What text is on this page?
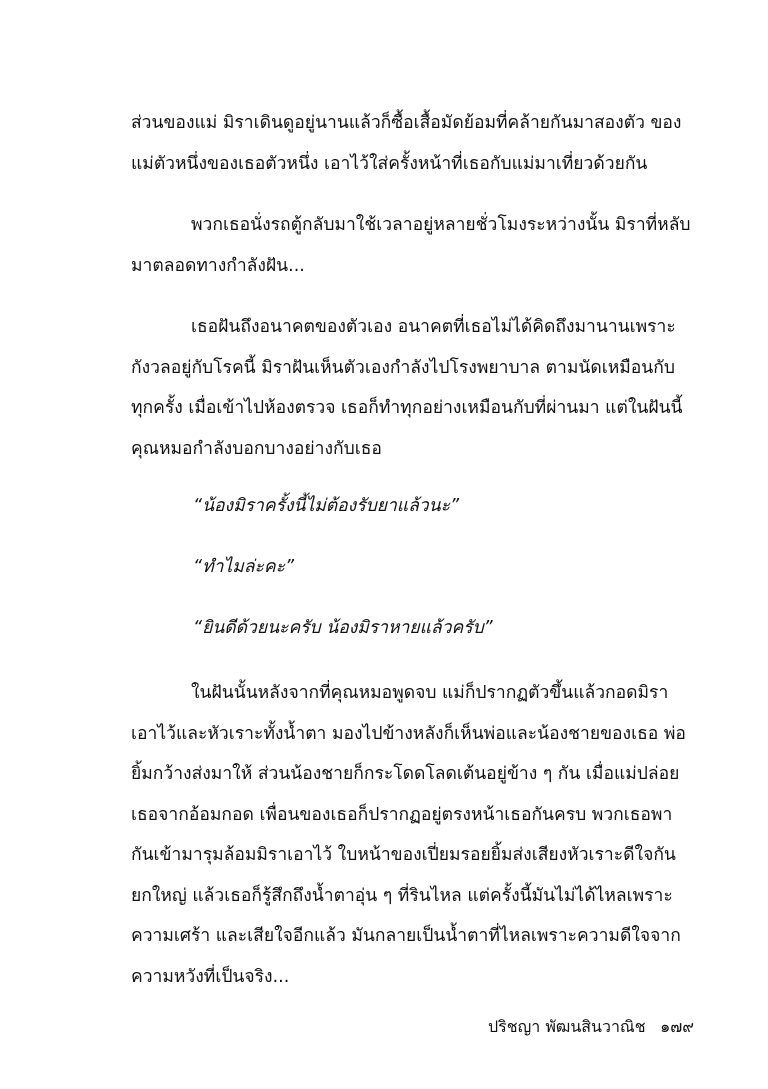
ส่วนของแม่ มิราเดินดูอยู่นานแล้วก็ซื้อเสื้อมัดย้อมที่คล้ายกันมาสองตัว ของ
แม่ตัวหนึ่งของเธอตัวหนึ่ง เอาไว้ใส่ครั้งหน้าที่เธอกับแม่มาเที่ยวด้วยกัน

พวกเธอนั่งรถตู้กลับมาใช้เวลาอยู่หลายชั่วโมงระหว่างนั้น มิราที่หลับ
มาตลอดทางกำลังฝัน...

เธอฝันถึงอนาคตของตัวเอง อนาคตที่เธอไม่ได้คิดถึงมานานเพราะ
กังวลอยู่กับโรคนี้ มิราฝันเห็นตัวเองกำลังไปโรงพยาบาล ตามนัดเหมือนกับ
ทุกครั้ง เมื่อเข้าไปห้องตรวจ เธอก็ทำทุกอย่างเหมือนกับที่ผ่านมา แต่ในฝันนี้
คุณหมอกำลังบอกบางอย่างกับเธอ

“น้องมิราครั้งนี้ไม่ต้องรับยาแล้วนะ”

“ทำไมล่ะคะ”

“ยินดีด้วยนะครับ น้องมิราหายแล้วครับ”

ในฝันนั้นหลังจากที่คุณหมอพูดจบ แม่ก็ปรากฏตัวขึ้นแล้วกอดมิรา
เอาไว้และหัวเราะทั้งน้ำตา มองไปข้างหลังก็เห็นพ่อและน้องชายของเธอ พ่อ
ยิ้มกว้างส่งมาให้ ส่วนน้องชายก็กระโดดโลดเต้นอยู่ข้าง ๆ กัน เมื่อแม่ปล่อย
เธอจากอ้อมกอด เพื่อนของเธอก็ปรากฏอยู่ตรงหน้าเธอกันครบ พวกเธอพา
กันเข้ามารุมล้อมมิราเอาไว้ ใบหน้าของเปี่ยมรอยยิ้มส่งเสียงหัวเราะดีใจกัน
ยกใหญ่ แล้วเธอก็รู้สึกถึงน้ำตาอุ่น ๆ ที่รินไหล แต่ครั้งนี้มันไม่ได้ไหลเพราะ
ความเศร้า และเสียใจอีกแล้ว มันกลายเป็นน้ำตาที่ไหลเพราะความดีใจจาก
ความหวังที่เป็นจริง...

ปริชญา พัฒนสินวาณิช ๑๗๙
